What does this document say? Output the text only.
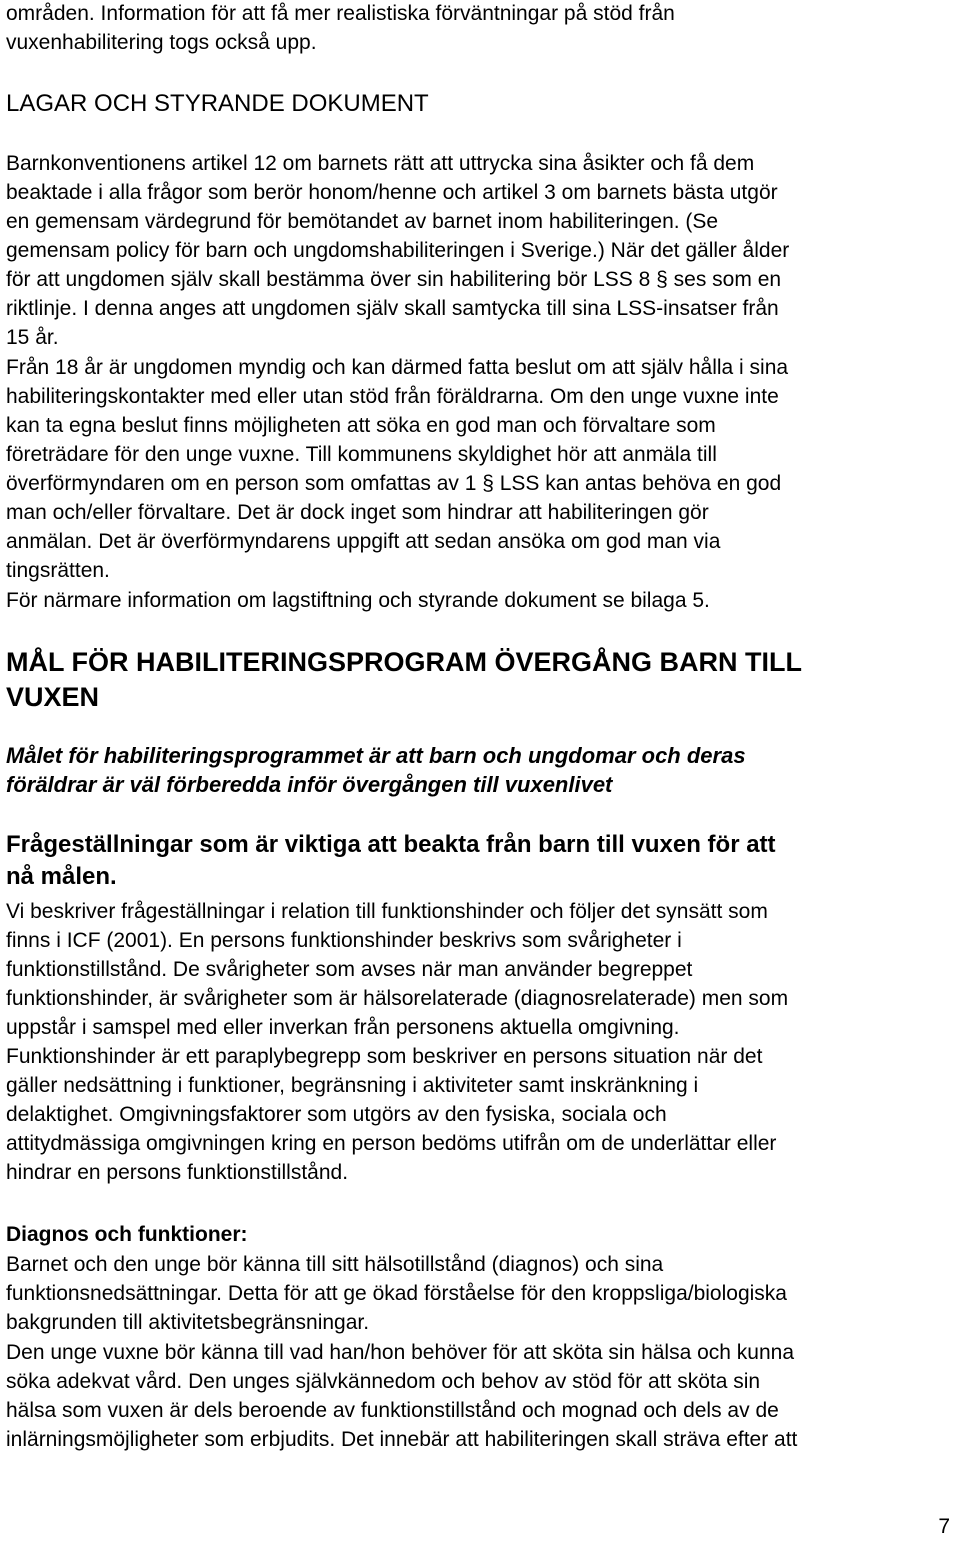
områden. Information för att få mer realistiska förväntningar på stöd från
vuxenhabilitering togs också upp.
LAGAR OCH STYRANDE DOKUMENT
Barnkonventionens artikel 12 om barnets rätt att uttrycka sina åsikter och få dem
beaktade i alla frågor som berör honom/henne och artikel 3 om barnets bästa utgör
en gemensam värdegrund för bemötandet av barnet inom habiliteringen. (Se
gemensam policy för barn och ungdomshabiliteringen i Sverige.) När det gäller ålder
för att ungdomen själv skall bestämma över sin habilitering bör LSS 8 § ses som en
riktlinje. I denna anges att ungdomen själv skall samtycka till sina LSS-insatser från
15 år.
Från 18 år är ungdomen myndig och kan därmed fatta beslut om att själv hålla i sina
habiliteringskontakter med eller utan stöd från föräldrarna. Om den unge vuxne inte
kan ta egna beslut finns möjligheten att söka en god man och förvaltare som
företrädare för den unge vuxne. Till kommunens skyldighet hör att anmäla till
överförmyndaren om en person som omfattas av 1 § LSS kan antas behöva en god
man och/eller förvaltare. Det är dock inget som hindrar att habiliteringen gör
anmälan. Det är överförmyndarens uppgift att sedan ansöka om god man via
tingsrätten.
För närmare information om lagstiftning och styrande dokument se bilaga 5.
MÅL FÖR HABILITERINGSPROGRAM ÖVERGÅNG BARN TILL
VUXEN
Målet för habiliteringsprogrammet är att barn och ungdomar och deras
föräldrar är väl förberedda inför övergången till vuxenlivet
Frågeställningar som är viktiga att beakta från barn till vuxen för att
nå målen.
Vi beskriver frågeställningar i relation till funktionshinder och följer det synsätt som
finns i ICF (2001). En persons funktionshinder beskrivs som svårigheter i
funktionstillstånd. De svårigheter som avses när man använder begreppet
funktionshinder, är svårigheter som är hälsorelaterade (diagnosrelaterade) men som
uppstår i samspel med eller inverkan från personens aktuella omgivning.
Funktionshinder är ett paraplybegrepp som beskriver en persons situation när det
gäller nedsättning i funktioner, begränsning i aktiviteter samt inskränkning i
delaktighet. Omgivningsfaktorer som utgörs av den fysiska, sociala och
attitydmässiga omgivningen kring en person bedöms utifrån om de underlättar eller
hindrar en persons funktionstillstånd.
Diagnos och funktioner:
Barnet och den unge bör känna till sitt hälsotillstånd (diagnos) och sina
funktionsnedsättningar. Detta för att ge ökad förståelse för den kroppsliga/biologiska
bakgrunden till aktivitetsbegränsningar.
Den unge vuxne bör känna till vad han/hon behöver för att sköta sin hälsa och kunna
söka adekvat vård. Den unges självkännedom och behov av stöd för att sköta sin
hälsa som vuxen är dels beroende av funktionstillstånd och mognad och dels av de
inlärningsmöjligheter som erbjudits. Det innebär att habiliteringen skall sträva efter att
7
